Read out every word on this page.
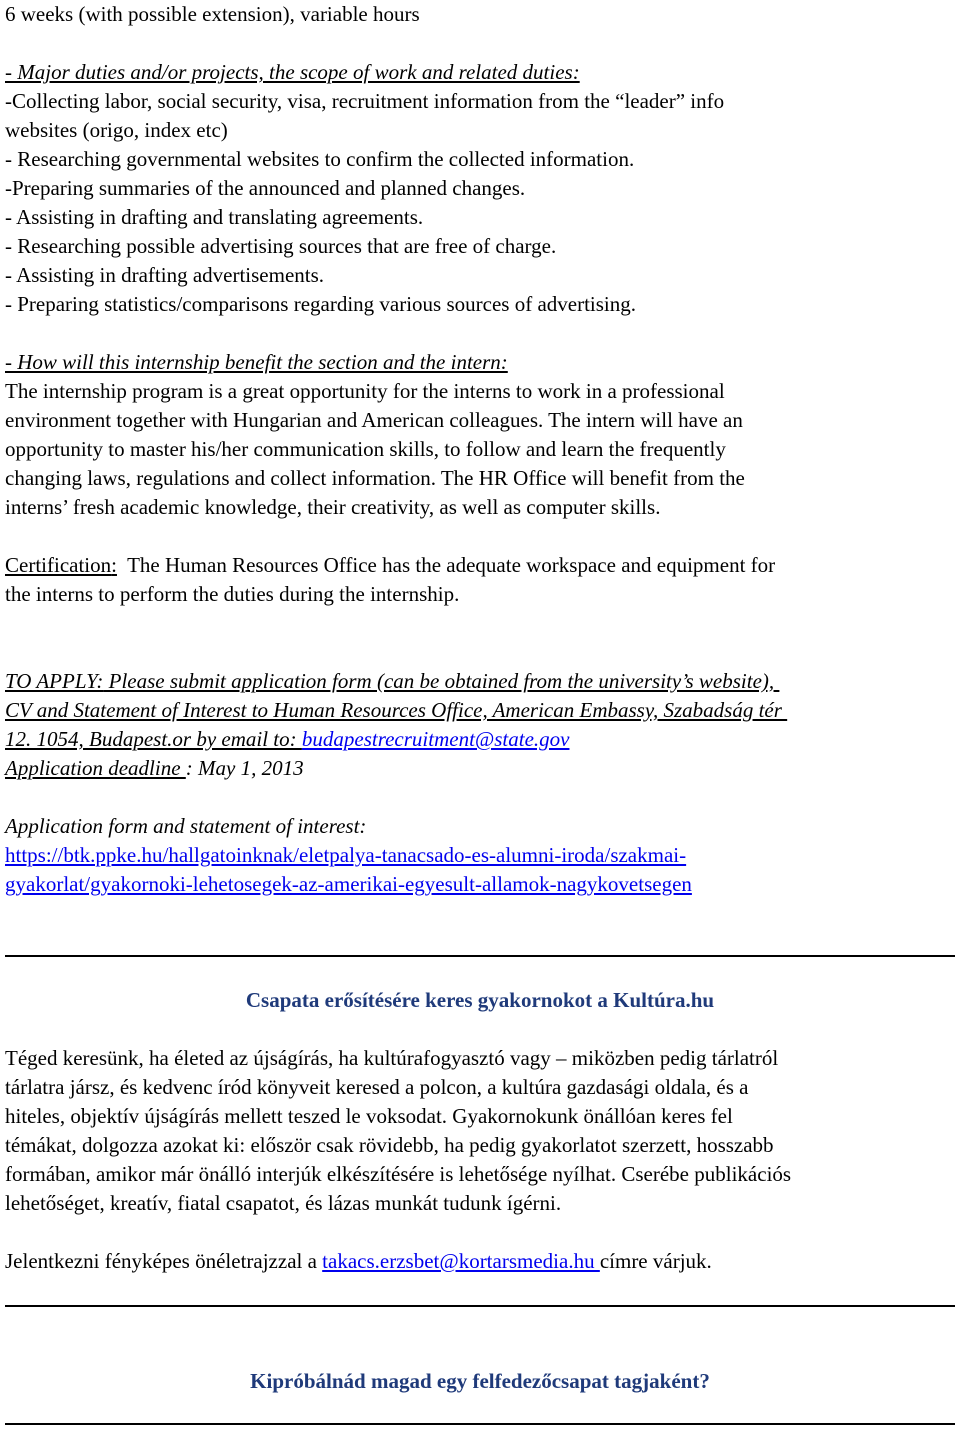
6 weeks (with possible extension), variable hours
- Major duties and/or projects, the scope of work and related duties:
-Collecting labor, social security, visa, recruitment information from the “leader” info
websites (origo, index etc)
- Researching governmental websites to confirm the collected information.
-Preparing summaries of the announced and planned changes.
- Assisting in drafting and translating agreements.
- Researching possible advertising sources that are free of charge.
- Assisting in drafting advertisements.
- Preparing statistics/comparisons regarding various sources of advertising.
- How will this internship benefit the section and the intern:
The internship program is a great opportunity for the interns to work in a professional
environment together with Hungarian and American colleagues. The intern will have an
opportunity to master his/her communication skills, to follow and learn the frequently
changing laws, regulations and collect information. The HR Office will benefit from the
interns’ fresh academic knowledge, their creativity, as well as computer skills.
Certification:  The Human Resources Office has the adequate workspace and equipment for
the interns to perform the duties during the internship.
TO APPLY: Please submit application form (can be obtained from the university’s website),
CV and Statement of Interest to Human Resources Office, American Embassy, Szabadság tér
12. 1054, Budapest.or by email to: budapestrecruitment@state.gov
Application deadline : May 1, 2013
Application form and statement of interest:
https://btk.ppke.hu/hallgatoinknak/eletpalya-tanacsado-es-alumni-iroda/szakmai-
gyakorlat/gyakornoki-lehetosegek-az-amerikai-egyesult-allamok-nagykovetsegen
Csapata erősítésére keres gyakornokot a Kultúra.hu
Téged keresünk, ha életed az újságírás, ha kultúrafogyasztó vagy – miközben pedig tárlatról
tárlatra jársz, és kedvenc íród könyveit keresed a polcon, a kultúra gazdasági oldala, és a
hiteles, objektív újságírás mellett teszed le voksodat. Gyakornokunk önállóan keres fel
témákat, dolgozza azokat ki: először csak rövidebb, ha pedig gyakorlatot szerzett, hosszabb
formában, amikor már önálló interjúk elkészítésére is lehetősége nyílhat. Cserébe publikációs
lehetőséget, kreatív, fiatal csapatot, és lázas munkát tudunk ígérni.
Jelentkezni fényképes önéletrajzzal a takacs.erzsbet@kortarsmedia.hu címre várjuk.
Kipróbálnád magad egy felfedezőcsapat tagjaként?
